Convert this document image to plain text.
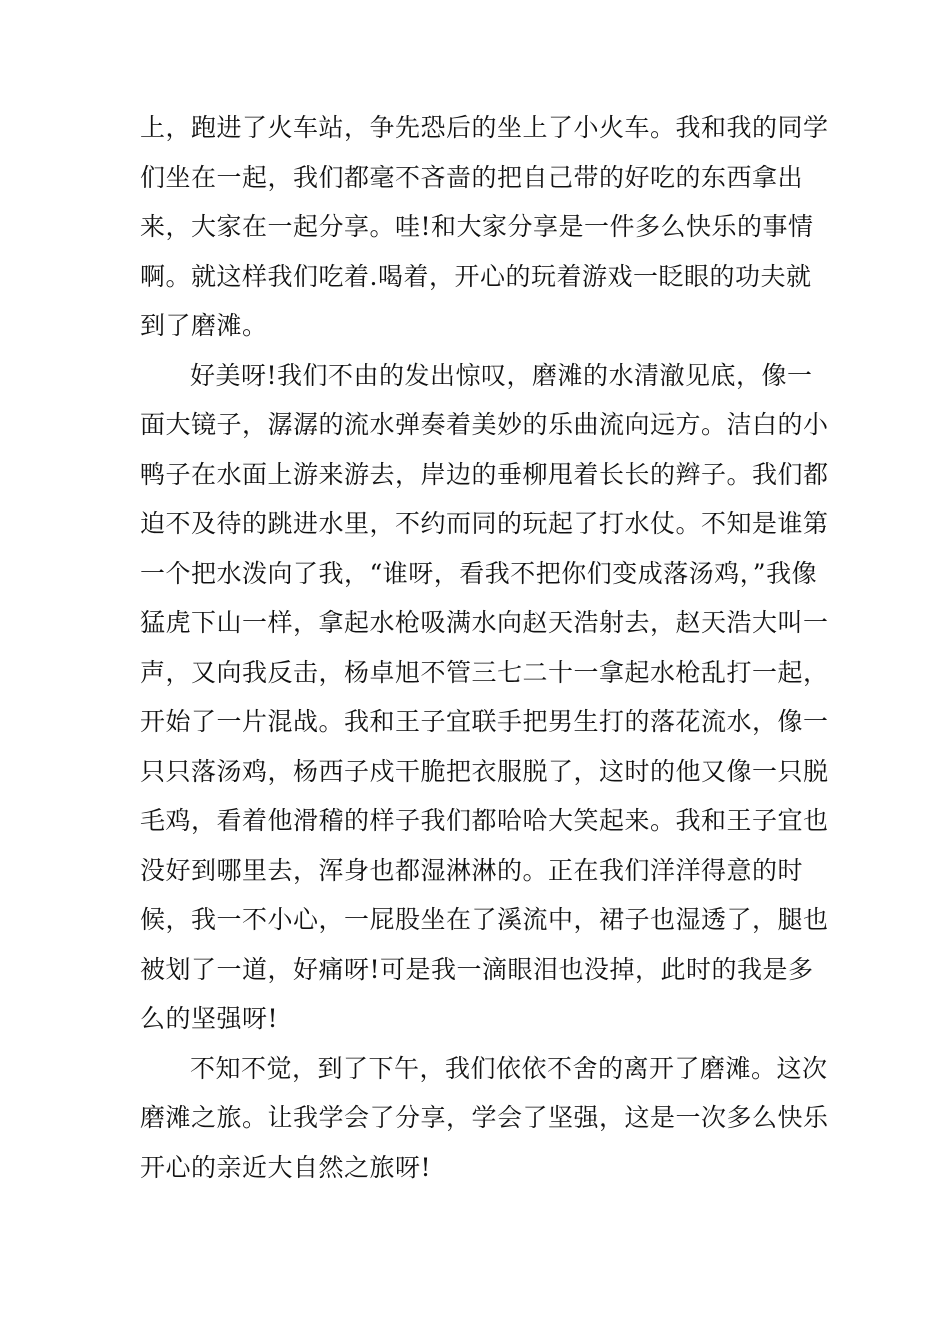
上，跑进了火车站，争先恐后的坐上了小火车。我和我的同学们坐在一起，我们都毫不吝啬的把自己带的好吃的东西拿出来，大家在一起分享。哇!和大家分享是一件多么快乐的事情啊。就这样我们吃着.喝着，开心的玩着游戏一眨眼的功夫就到了磨滩。

好美呀!我们不由的发出惊叹，磨滩的水清澈见底，像一面大镜子，潺潺的流水弹奏着美妙的乐曲流向远方。洁白的小鸭子在水面上游来游去，岸边的垂柳甩着长长的辫子。我们都迫不及待的跳进水里，不约而同的玩起了打水仗。不知是谁第一个把水泼向了我，“谁呀，看我不把你们变成落汤鸡，”我像猛虎下山一样，拿起水枪吸满水向赵天浩射去，赵天浩大叫一声，又向我反击，杨卓旭不管三七二十一拿起水枪乱打一起，开始了一片混战。我和王子宜联手把男生打的落花流水，像一只只落汤鸡，杨西子戍干脆把衣服脱了，这时的他又像一只脱毛鸡，看着他滑稽的样子我们都哈哈大笑起来。我和王子宜也没好到哪里去，浑身也都湿淋淋的。正在我们洋洋得意的时候，我一不小心，一屁股坐在了溪流中，裙子也湿透了，腿也被划了一道，好痛呀!可是我一滴眼泪也没掉，此时的我是多么的坚强呀!

不知不觉，到了下午，我们依依不舍的离开了磨滩。这次磨滩之旅。让我学会了分享，学会了坚强，这是一次多么快乐开心的亲近大自然之旅呀!
